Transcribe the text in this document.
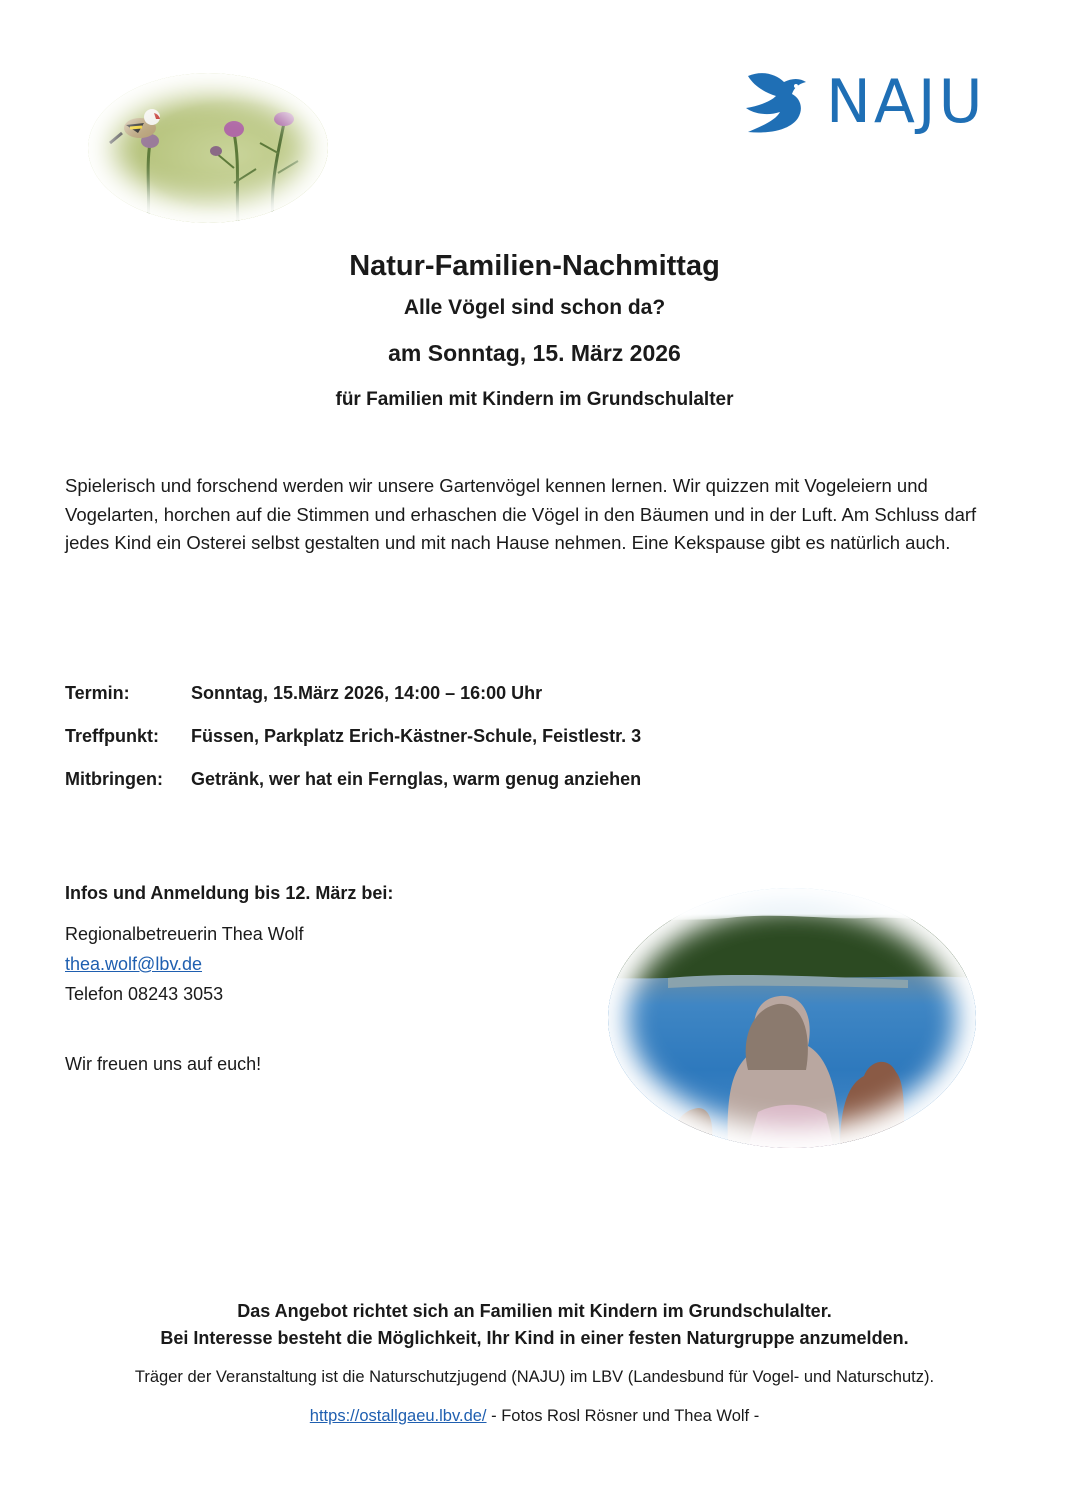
NAJU
Natur-Familien-Nachmittag
Alle Vögel sind schon da?
am Sonntag, 15. März 2026
für Familien mit Kindern im Grundschulalter
Spielerisch und forschend werden wir unsere Gartenvögel kennen lernen. Wir quizzen mit Vogeleiern und Vogelarten, horchen auf die Stimmen und erhaschen die Vögel in den Bäumen und in der Luft. Am Schluss darf jedes Kind ein Osterei selbst gestalten und mit nach Hause nehmen. Eine Kekspause gibt es natürlich auch.
Termin:	Sonntag, 15.März 2026, 14:00 – 16:00 Uhr
Treffpunkt:	Füssen, Parkplatz Erich-Kästner-Schule, Feistlestr. 3
Mitbringen:	Getränk, wer hat ein Fernglas, warm genug anziehen
Infos und Anmeldung bis 12. März bei:
Regionalbetreuerin Thea Wolf
thea.wolf@lbv.de
Telefon 08243 3053
Wir freuen uns auf euch!
Das Angebot richtet sich an Familien mit Kindern im Grundschulalter.
Bei Interesse besteht die Möglichkeit, Ihr Kind in einer festen Naturgruppe anzumelden.
Träger der Veranstaltung ist die Naturschutzjugend (NAJU) im LBV (Landesbund für Vogel- und Naturschutz).
https://ostallgaeu.lbv.de/ - Fotos Rosl Rösner und Thea Wolf -
